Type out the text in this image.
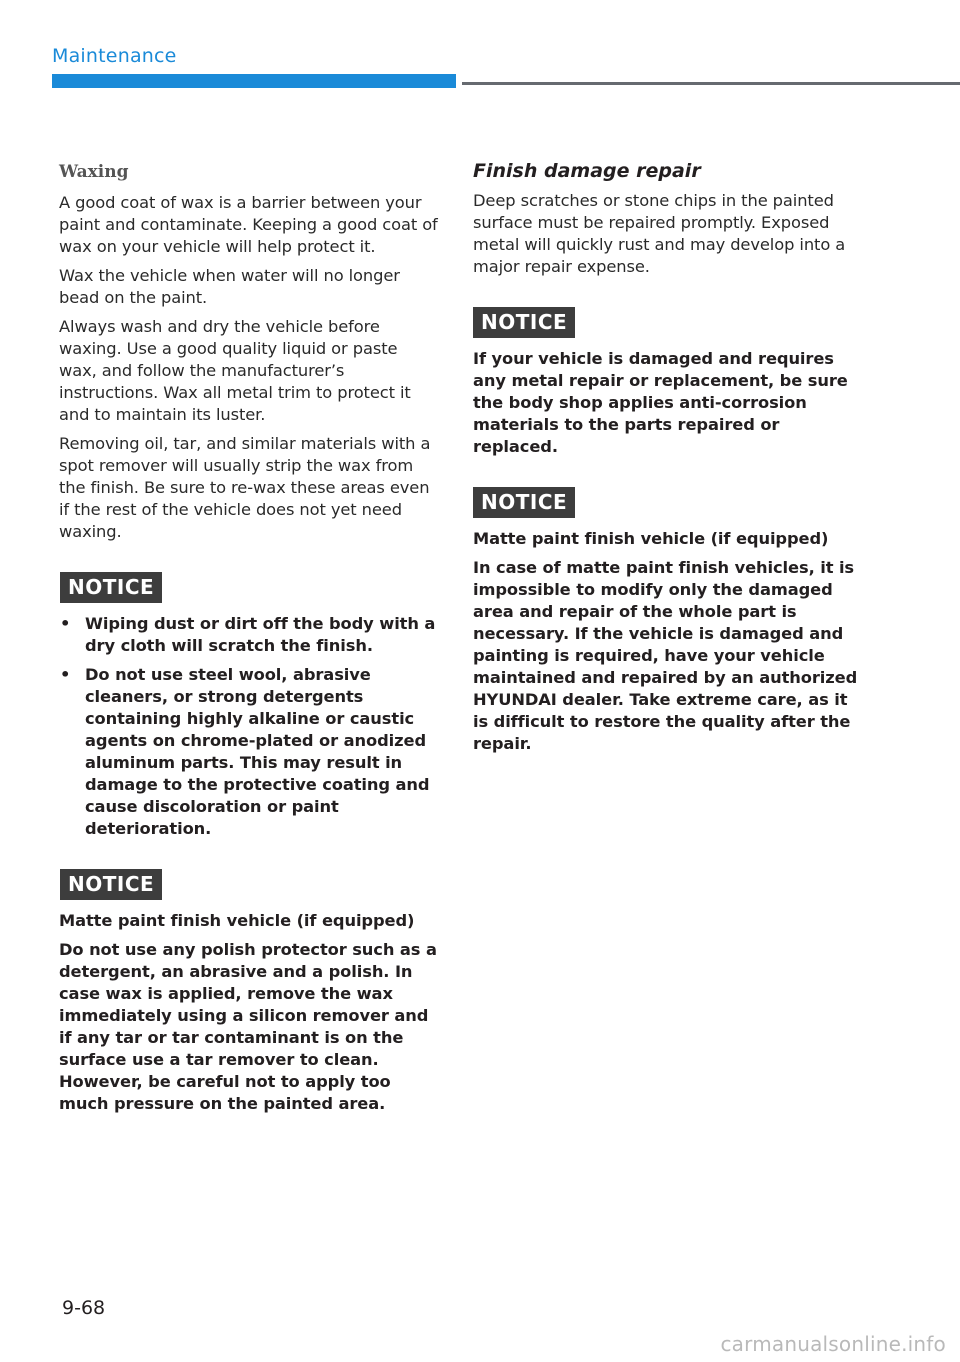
Maintenance
Waxing

A good coat of wax is a barrier between your paint and contaminate. Keeping a good coat of wax on your vehicle will help protect it.

Wax the vehicle when water will no longer bead on the paint.

Always wash and dry the vehicle before waxing. Use a good quality liquid or paste wax, and follow the manufacturer’s instructions. Wax all metal trim to protect it and to maintain its luster.

Removing oil, tar, and similar materials with a spot remover will usually strip the wax from the finish. Be sure to re-wax these areas even if the rest of the vehicle does not yet need waxing.

NOTICE
• Wiping dust or dirt off the body with a dry cloth will scratch the finish.
• Do not use steel wool, abrasive cleaners, or strong detergents containing highly alkaline or caustic agents on chrome-plated or anodized aluminum parts. This may result in damage to the protective coating and cause discoloration or paint deterioration.
NOTICE

Matte paint finish vehicle (if equipped)

Do not use any polish protector such as a detergent, an abrasive and a polish. In case wax is applied, remove the wax immediately using a silicon remover and if any tar or tar contaminant is on the surface use a tar remover to clean. However, be careful not to apply too much pressure on the painted area.

Finish damage repair

Deep scratches or stone chips in the painted surface must be repaired promptly. Exposed metal will quickly rust and may develop into a major repair expense.

NOTICE

If your vehicle is damaged and requires any metal repair or replacement, be sure the body shop applies anti-corrosion materials to the parts repaired or replaced.

NOTICE

Matte paint finish vehicle (if equipped)

In case of matte paint finish vehicles, it is impossible to modify only the damaged area and repair of the whole part is necessary. If the vehicle is damaged and painting is required, have your vehicle maintained and repaired by an authorized HYUNDAI dealer. Take extreme care, as it is difficult to restore the quality after the repair.

9-68
carmanualsonline.info
